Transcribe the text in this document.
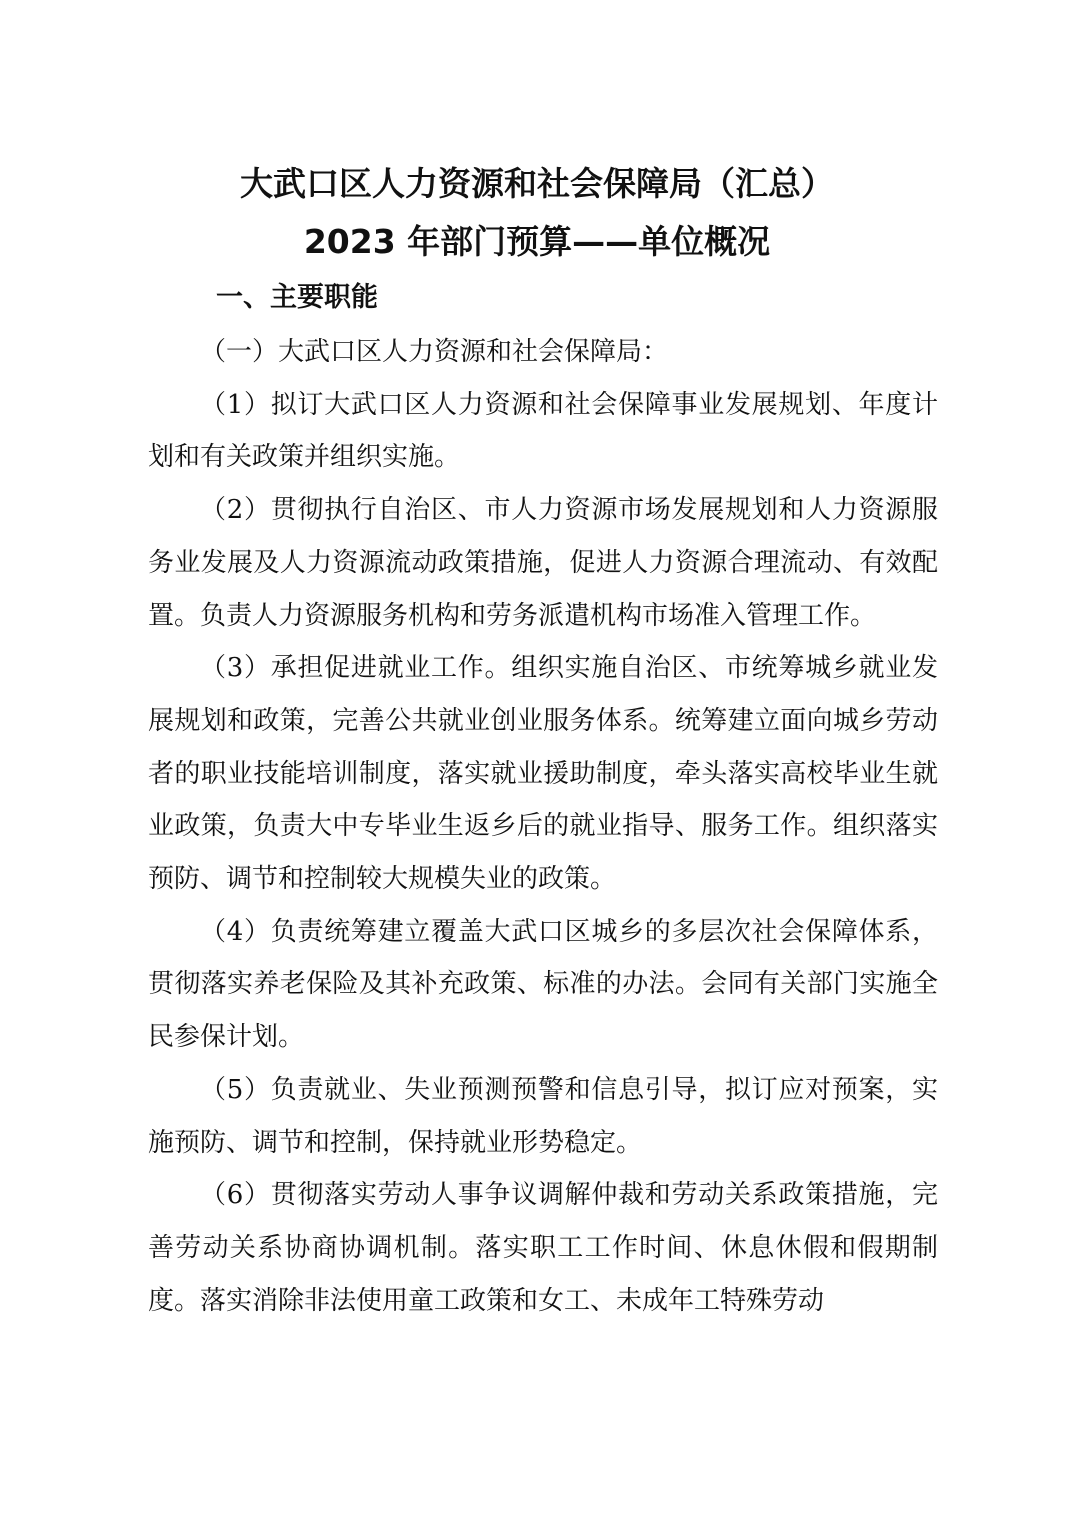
大武口区人力资源和社会保障局（汇总）
2023 年部门预算——单位概况
一、主要职能

（一）大武口区人力资源和社会保障局：

（1）拟订大武口区人力资源和社会保障事业发展规划、年度计划和有关政策并组织实施。

（2）贯彻执行自治区、市人力资源市场发展规划和人力资源服务业发展及人力资源流动政策措施，促进人力资源合理流动、有效配置。负责人力资源服务机构和劳务派遣机构市场准入管理工作。

（3）承担促进就业工作。组织实施自治区、市统筹城乡就业发展规划和政策，完善公共就业创业服务体系。统筹建立面向城乡劳动者的职业技能培训制度，落实就业援助制度，牵头落实高校毕业生就业政策，负责大中专毕业生返乡后的就业指导、服务工作。组织落实预防、调节和控制较大规模失业的政策。

（4）负责统筹建立覆盖大武口区城乡的多层次社会保障体系，贯彻落实养老保险及其补充政策、标准的办法。会同有关部门实施全民参保计划。

（5）负责就业、失业预测预警和信息引导，拟订应对预案，实施预防、调节和控制，保持就业形势稳定。

（6）贯彻落实劳动人事争议调解仲裁和劳动关系政策措施，完善劳动关系协商协调机制。落实职工工作时间、休息休假和假期制度。落实消除非法使用童工政策和女工、未成年工特殊劳动
